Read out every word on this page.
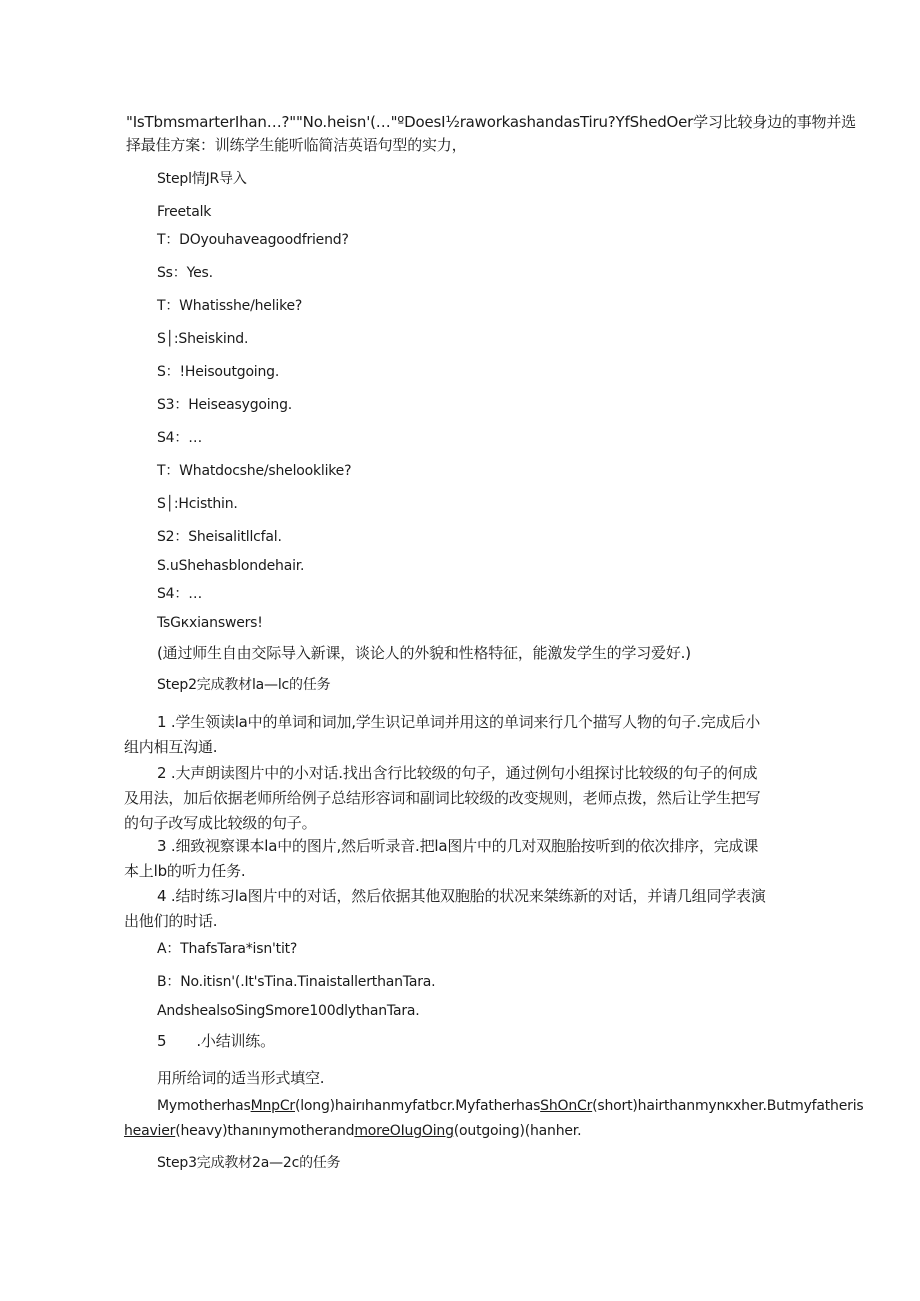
"IsTbmsmarterIhan…?""No.heisn'(…"ºDoesI½raworkashandasTiru?YfShedOer学习比较身边的事物并选
择最佳方案：训练学生能听临简洁英语句型的实力，
Stepl情JR导入
Freetalk
T：DOyouhaveagoodfriend?
Ss：Yes.
T：Whatisshe/helike?
S│:Sheiskind.
S：!Heisoutgoing.
S3：Heiseasygoing.
S4：…
T：Whatdocshe/shelooklike?
S│:Hcisthin.
S2：Sheisalitllcfal.
S.uShehasblondehair.
S4：…
TsGкxianswers!
(通过师生自由交际导入新课，谈论人的外貌和性格特征，能激发学生的学习爱好.)
Step2完成教材la—lc的任务
1 .学生领读la中的单词和词加,学生识记单词并用这的单词来行几个描写人物的句子.完成后小
组内相互沟通.
2 .大声朗读图片中的小对话.找出含行比较级的句子，通过例句小组探讨比较级的句子的何成
及用法，加后依据老师所给例子总结形容词和副词比较级的改变规则，老师点拨，然后让学生把写
的句子改写成比较级的句子。
3 .细致视察课本la中的图片,然后听录音.把la图片中的几对双胞胎按听到的依次排序，完成课
本上lb的听力任务.
4 .结时练习la图片中的对话，然后依据其他双胞胎的状况来桀练新的对话，并请几组同学表演
出他们的时话.
A：ThafsTara*isn'tit?
B：No.itisn'(.It'sTina.TinaistallerthanTara.
AndshealsoSingSmore100dlythanTara.
5 .小结训练。
用所给词的适当形式填空.
MymotherhasMnpCr(long)hairıhanmyfatbcr.MyfatherhasShOnCr(short)hairthanmynĸxher.Butmyfatheris
heavier(heavy)thanınymotherandmoreOIugOing(outgoing)(hanher.
Step3完成教材2a—2c的任务
